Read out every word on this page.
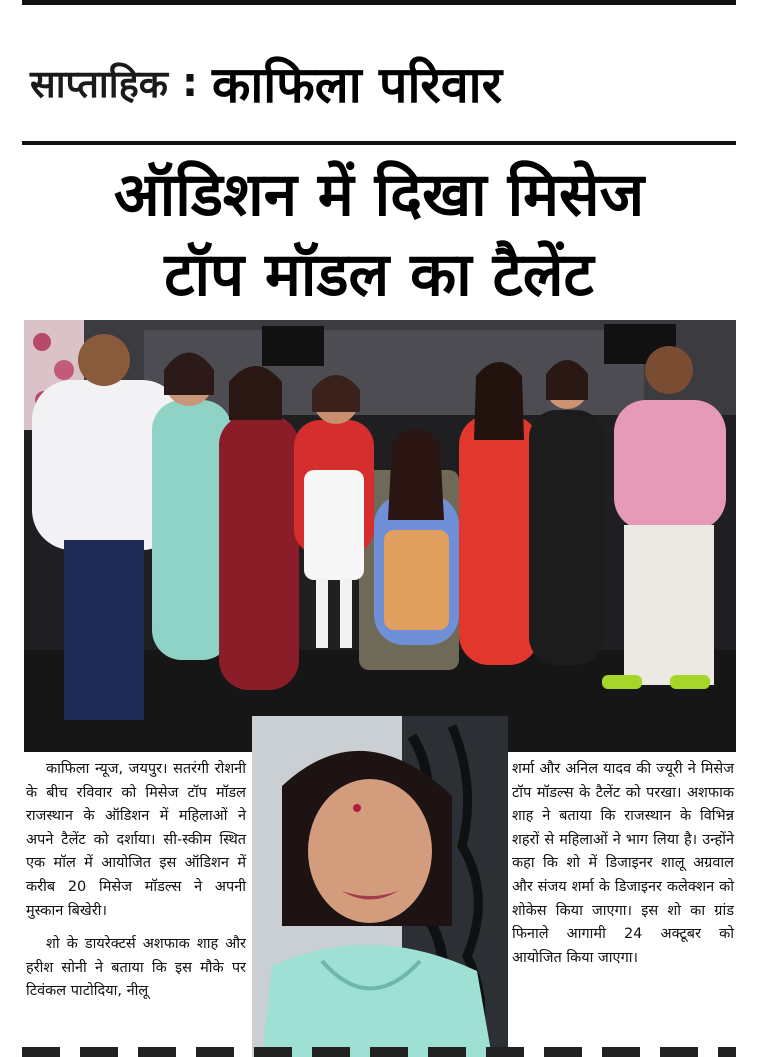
साप्ताहिक : काफिला परिवार
ऑडिशन में दिखा मिसेज
टॉप मॉडल का टैलेंट

काफिला न्यूज, जयपुर। सतरंगी रोशनी के बीच रविवार को मिसेज टॉप मॉडल राजस्थान के ऑडिशन में महिलाओं ने अपने टैलेंट को दर्शाया। सी-स्कीम स्थित एक मॉल में आयोजित इस ऑडिशन में करीब 20 मिसेज मॉडल्स ने अपनी मुस्कान बिखेरी।

शो के डायरेक्टर्स अशफाक शाह और हरीश सोनी ने बताया कि इस मौके पर टिवंकल पाटोदिया, नीलू

शर्मा और अनिल यादव की ज्यूरी ने मिसेज टॉप मॉडल्स के टैलेंट को परखा। अशफाक शाह ने बताया कि राजस्थान के विभिन्न शहरों से महिलाओं ने भाग लिया है। उन्होंने कहा कि शो में डिजाइनर शालू अग्रवाल और संजय शर्मा के डिजाइनर कलेक्शन को शोकेस किया जाएगा। इस शो का ग्रांड फिनाले आगामी 24 अक्टूबर को आयोजित किया जाएगा।
